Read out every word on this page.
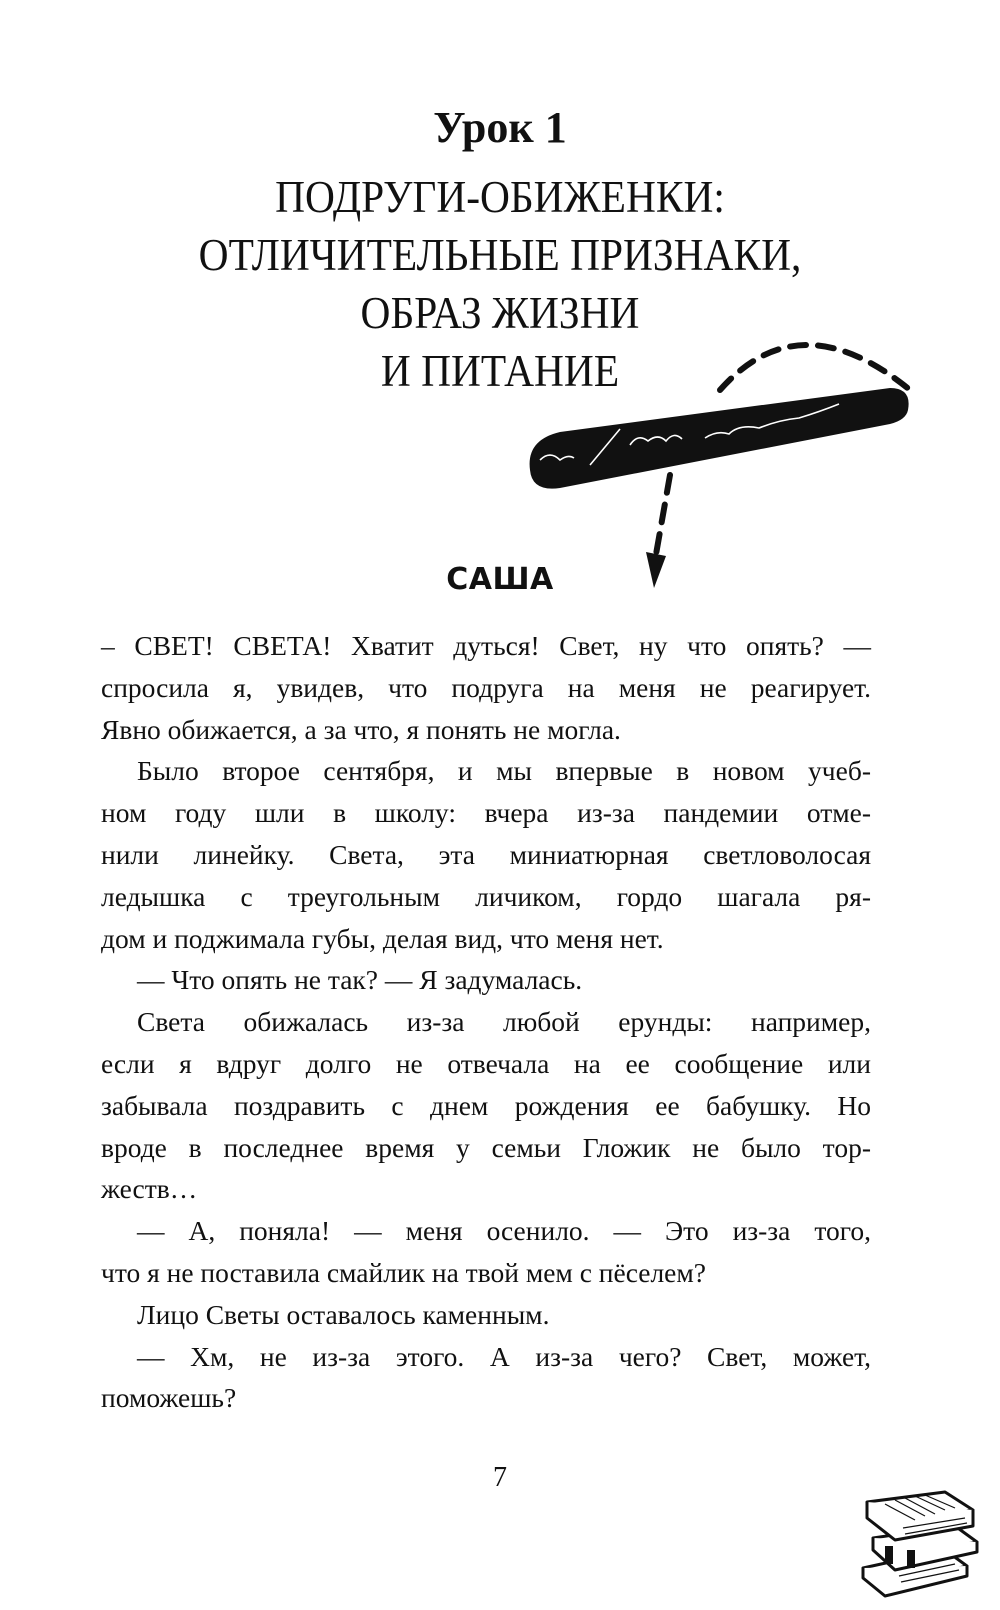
Урок 1
ПОДРУГИ-ОБИЖЕНКИ:
ОТЛИЧИТЕЛЬНЫЕ ПРИЗНАКИ,
ОБРАЗ ЖИЗНИ
И ПИТАНИЕ
САША

– СВЕТ! СВЕТА! Хватит дуться! Свет, ну что опять? —
спросила я, увидев, что подруга на меня не реагирует.
Явно обижается, а за что, я понять не могла.

Было второе сентября, и мы впервые в новом учеб-
ном году шли в школу: вчера из-за пандемии отме-
нили линейку. Света, эта миниатюрная светловолосая
ледышка с треугольным личиком, гордо шагала ря-
дом и поджимала губы, делая вид, что меня нет.

— Что опять не так? — Я задумалась.

Света обижалась из-за любой ерунды: например,
если я вдруг долго не отвечала на ее сообщение или
забывала поздравить с днем рождения ее бабушку. Но
вроде в последнее время у семьи Гложик не было тор-
жеств…

— А, поняла! — меня осенило. — Это из-за того,
что я не поставила смайлик на твой мем с пёселем?

Лицо Светы оставалось каменным.

— Хм, не из-за этого. А из-за чего? Свет, может,
поможешь?

7
